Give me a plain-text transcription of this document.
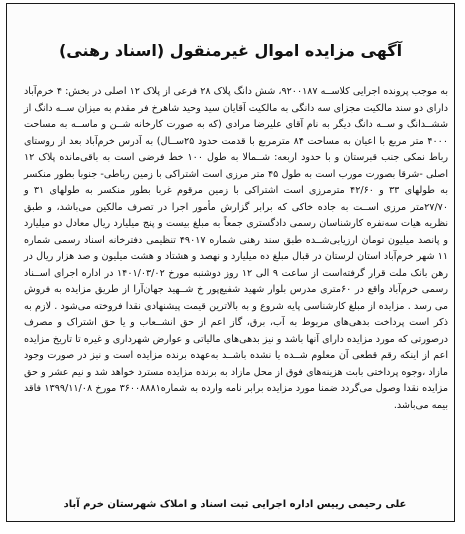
آگهی مزایده اموال غیرمنقول (اسناد رهنی)

به موجب پرونده اجرایی کلاســه ۹۲۰۰۱۸۷، شش دانگ پلاک ۲۸ فرعی از پلاک ۱۲ اصلی در بخش: ۴ خرم‌آباد دارای دو سند مالکیت مجزای سه دانگی به مالکیت آقایان سید وحید شاهرخ فر مقدم به میزان ســه دانگ از ششــدانگ و ســه دانگ دیگر به نام آقای علیرضا مرادی (که به صورت کارخانه شــن و ماســه به مساحت ۴۰۰۰ متر مربع با اعیان به مساحت ۸۴ مترمربع با قدمت حدود ۲۵ســال) به آدرس خرم‌آباد بعد از روستای رباط نمکی جنب قبرستان و با حدود اربعه: شــمالا به طول ۱۰۰ خط فرضی است به باقی‌مانده پلاک ۱۲ اصلی -شرقا بصورت مورب است به طول ۴۵ متر مرزی است اشتراکی با زمین رباطی- جنوبا بطور منکسر به طولهای ۳۳ و ۴۲/۶۰ مترمرزی است اشتراکی با زمین مرقوم غربا بطور منکسر به طولهای ۳۱ و ۲۷/۷۰متر مرزی اســت به جاده خاکی که برابر گزارش مأمور اجرا در تصرف مالکین می‌باشد، و طبق نظریه هیات سه‌نفره کارشناسان رسمی دادگستری جمعاً به مبلغ بیست و پنج میلیارد ریال معادل دو میلیارد و پانصد میلیون تومان ارزیابی‌شــده طبق سند رهنی شماره ۴۹۰۱۷ تنظیمی دفترخانه اسناد رسمی شماره ۱۱ شهر خرم‌آباد استان لرستان در قبال مبلغ ده میلیارد و نهصد و هشتاد و هشت میلیون و صد هزار ریال در رهن بانک ملت قرار گرفته‌است از ساعت ۹ الی ۱۲ روز دوشنبه مورخ ۱۴۰۱/۰۳/۰۲ در اداره اجرای اســناد رسمی خرم‌آباد واقع در ۶۰متری مدرس بلوار شهید شفیع‌پور خ شــهید جهان‌آرا از طریق مزایده به فروش می رسد . مزایده از مبلغ کارشناسی پایه شروع و به بالاترین قیمت پیشنهادی نقدا فروخته می‌شود . لازم به ذکر است پرداخت بدهی‌های مربوط به آب، برق، گاز اعم از حق انشــعاب و یا حق اشتراک و مصرف درصورتی که مورد مزایده دارای آنها باشد و نیز بدهی‌های مالیاتی و عوارض شهرداری و غیره تا تاریخ مزایده اعم از اینکه رقم قطعی آن معلوم شــده یا نشده باشــد به‌عهده برنده مزایده است و نیز در صورت وجود مازاد ،وجوه پرداختی بابت هزینه‌های فوق از محل مازاد به برنده مزایده مسترد خواهد شد و نیم عشر و حق مزایده نقدا وصول می‌گردد ضمنا مورد مزایده برابر نامه وارده به شماره۳۶۰۰۸۸۸۱ مورخ ۱۳۹۹/۱۱/۰۸ فاقد بیمه می‌باشد.

علی رحیمی رییس اداره اجرایی ثبت اسناد و املاک شهرستان خرم آباد
